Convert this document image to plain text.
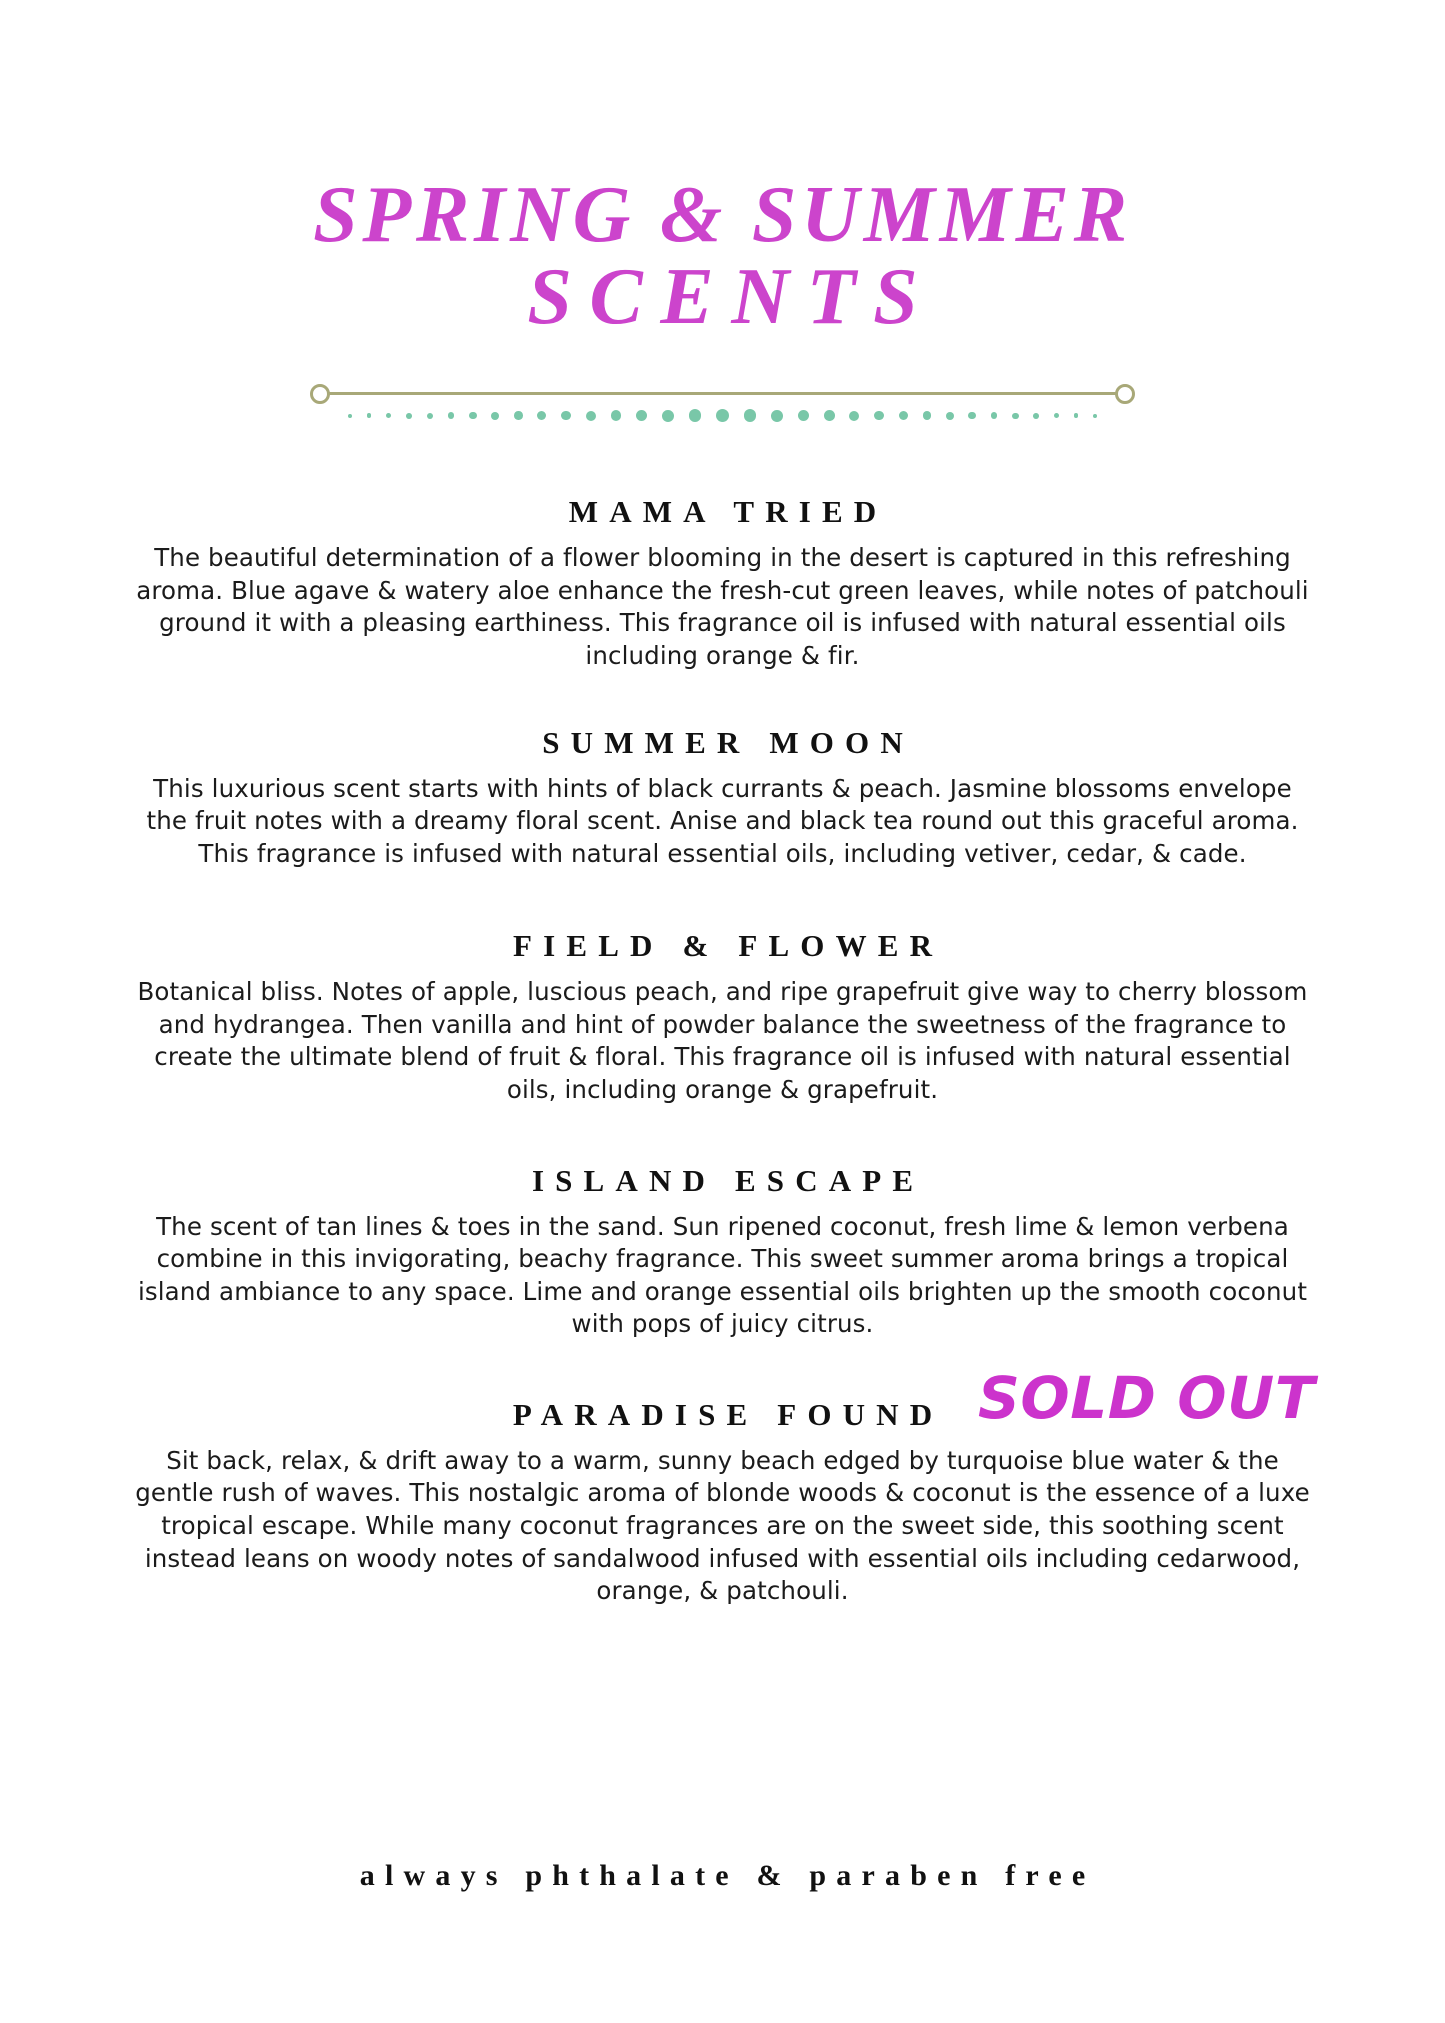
SPRING & SUMMER
SCENTS
MAMA TRIED
The beautiful determination of a flower blooming in the desert is captured in this refreshing aroma. Blue agave & watery aloe enhance the fresh-cut green leaves, while notes of patchouli ground it with a pleasing earthiness. This fragrance oil is infused with natural essential oils including orange & fir.
SUMMER MOON
This luxurious scent starts with hints of black currants & peach. Jasmine blossoms envelope the fruit notes with a dreamy floral scent. Anise and black tea round out this graceful aroma. This fragrance is infused with natural essential oils, including vetiver, cedar, & cade.
FIELD & FLOWER
Botanical bliss. Notes of apple, luscious peach, and ripe grapefruit give way to cherry blossom and hydrangea. Then vanilla and hint of powder balance the sweetness of the fragrance to create the ultimate blend of fruit & floral. This fragrance oil is infused with natural essential oils, including orange & grapefruit.
ISLAND ESCAPE
The scent of tan lines & toes in the sand. Sun ripened coconut, fresh lime & lemon verbena combine in this invigorating, beachy fragrance. This sweet summer aroma brings a tropical island ambiance to any space. Lime and orange essential oils brighten up the smooth coconut with pops of juicy citrus.
PARADISE FOUND SOLD OUT
Sit back, relax, & drift away to a warm, sunny beach edged by turquoise blue water & the gentle rush of waves. This nostalgic aroma of blonde woods & coconut is the essence of a luxe tropical escape. While many coconut fragrances are on the sweet side, this soothing scent instead leans on woody notes of sandalwood infused with essential oils including cedarwood, orange, & patchouli.
always phthalate & paraben free
